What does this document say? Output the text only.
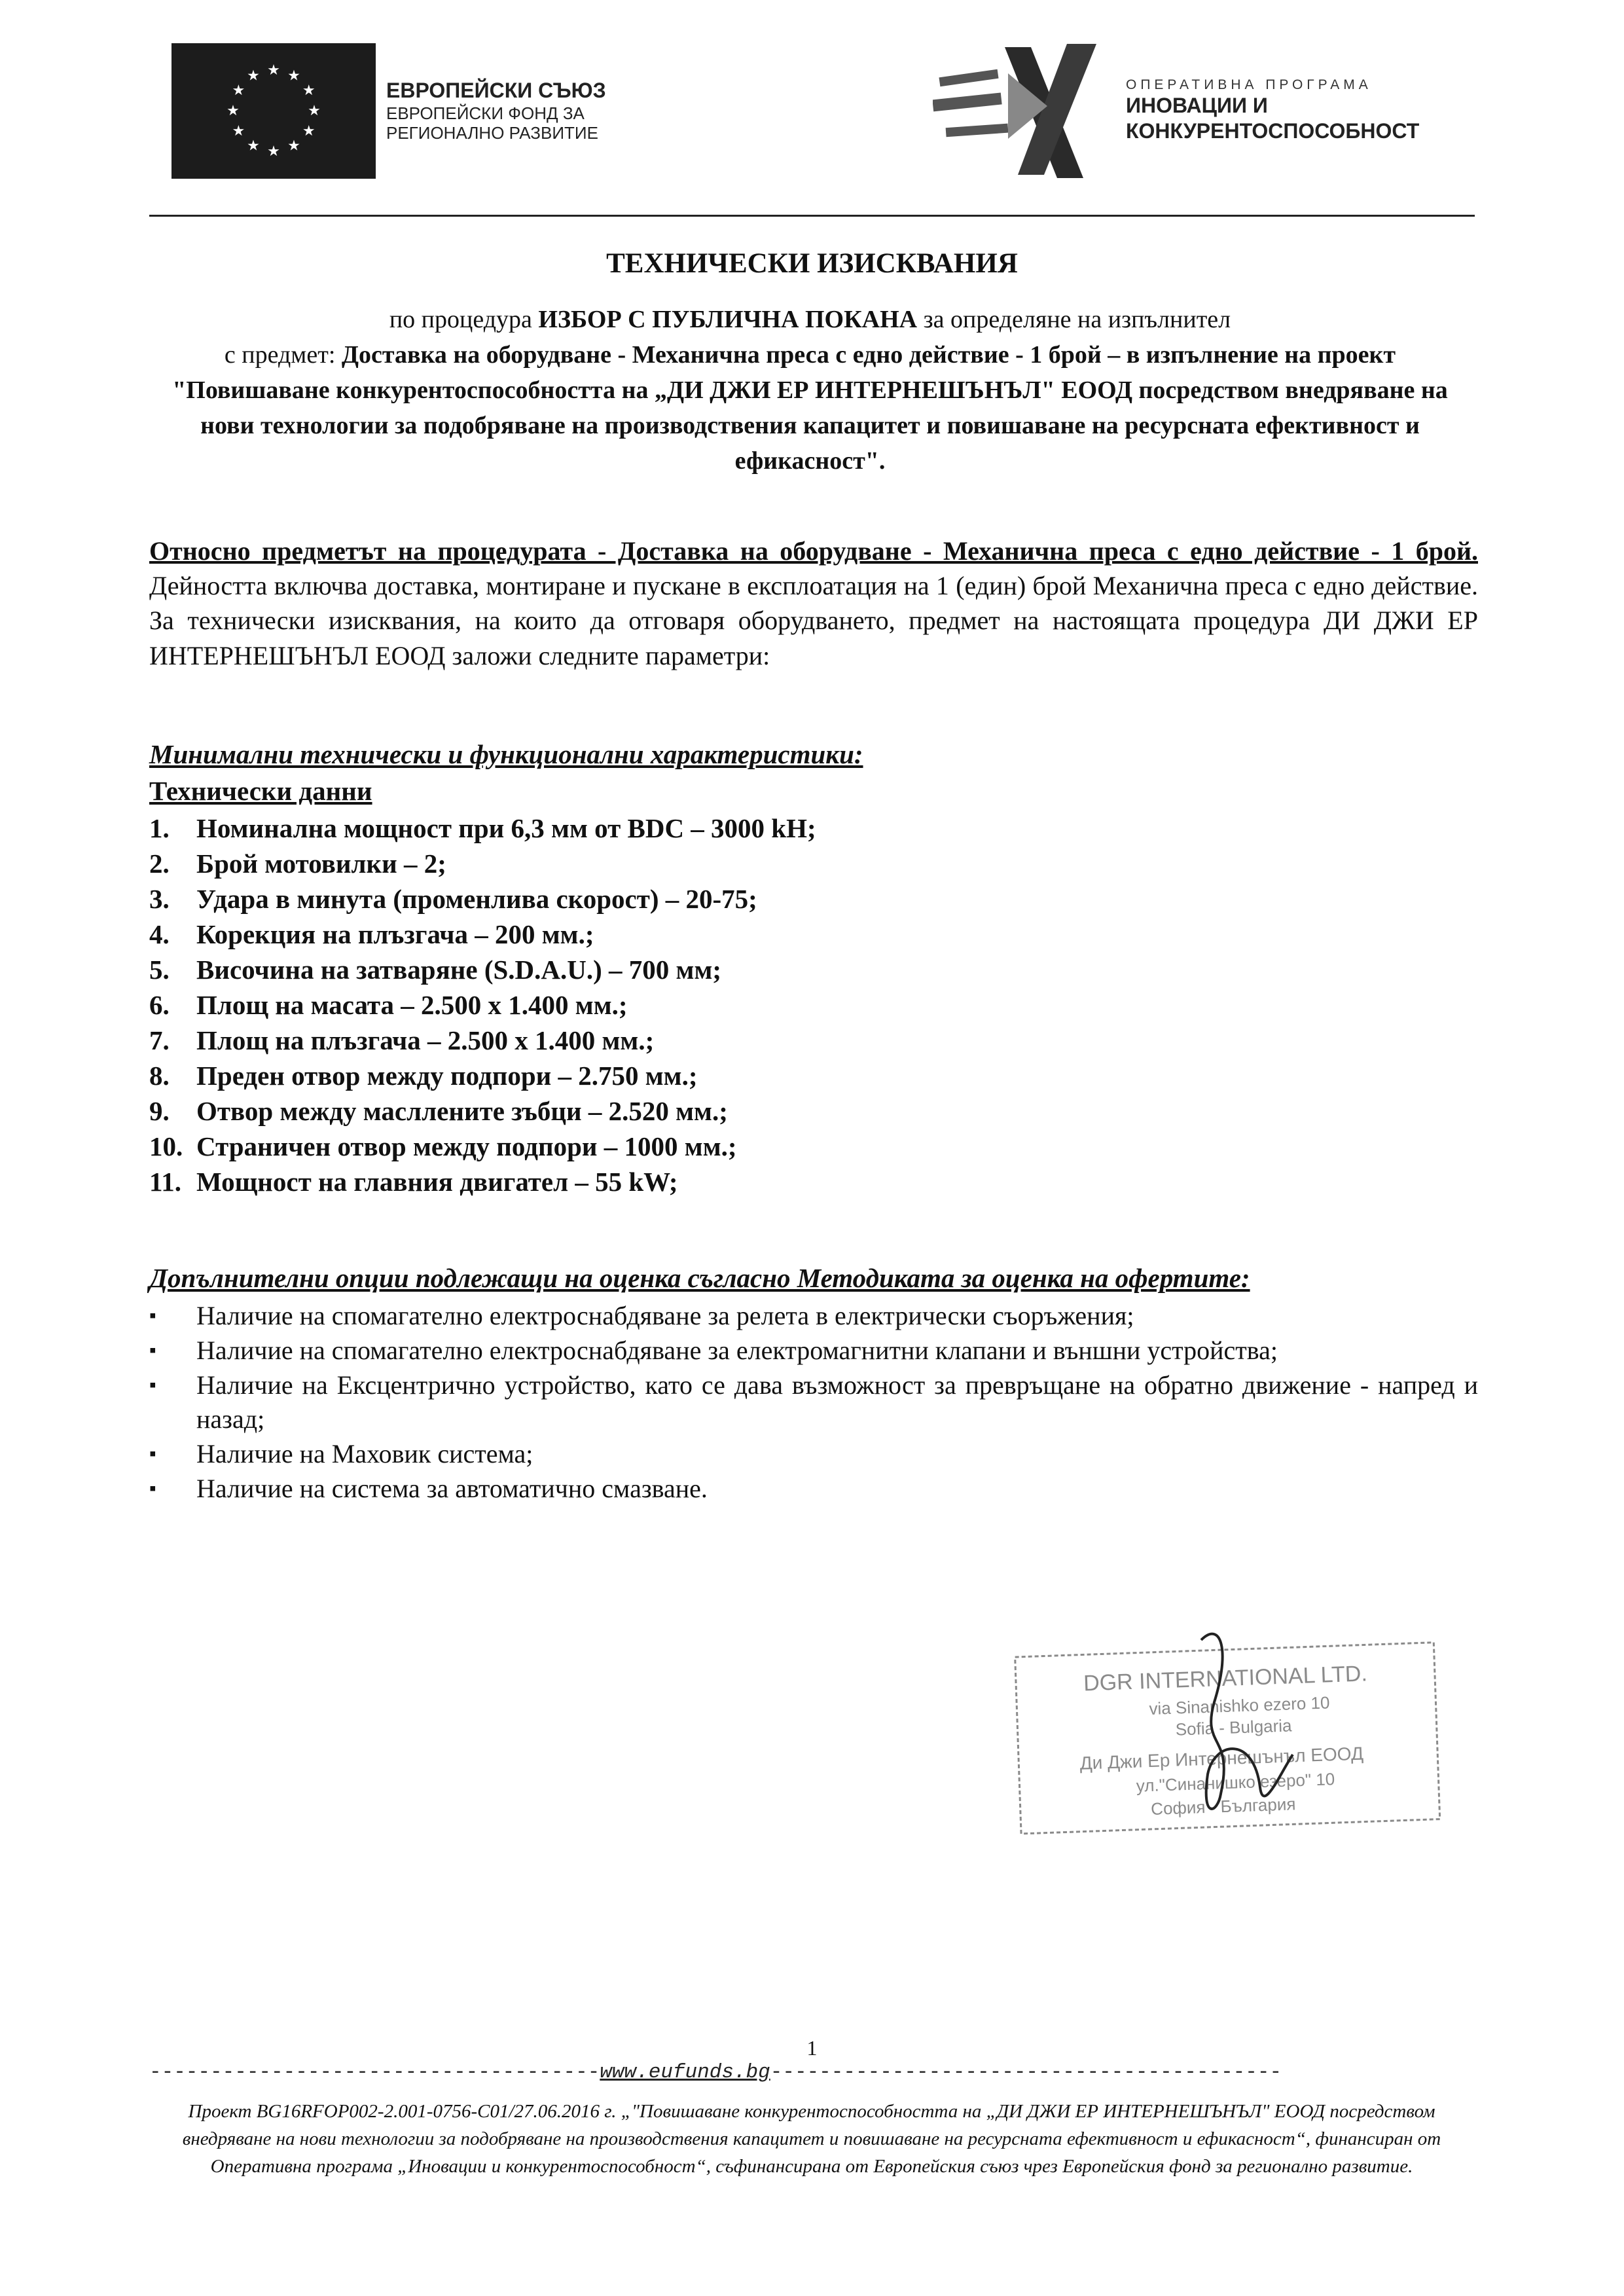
★ ★
★
★
★
★
★
★
★
★
★
★
ЕВРОПЕЙСКИ СЪЮЗ
ЕВРОПЕЙСКИ ФОНД ЗА
РЕГИОНАЛНО РАЗВИТИЕ
ОПЕРАТИВНА ПРОГРАМА
ИНОВАЦИИ И
КОНКУРЕНТОСПОСОБНОСТ
ТЕХНИЧЕСКИ ИЗИСКВАНИЯ
по процедура ИЗБОР С ПУБЛИЧНА ПОКАНА за определяне на изпълнител
с предмет: Доставка на оборудване - Механична преса с едно действие - 1 брой – в изпълнение на проект "Повишаване конкурентоспособността на „ДИ ДЖИ ЕР ИНТЕРНЕШЪНЪЛ" ЕООД посредством внедряване на нови технологии за подобряване на производствения капацитет и повишаване на ресурсната ефективност и ефикасност".
Относно предметът на процедурата - Доставка на оборудване - Механична преса с едно действие - 1 брой. Дейността включва доставка, монтиране и пускане в експлоатация на 1 (един) брой Механична преса с едно действие. За технически изисквания, на които да отговаря оборудването, предмет на настоящата процедура ДИ ДЖИ ЕР ИНТЕРНЕШЪНЪЛ ЕООД заложи следните параметри:
Минимални технически и функционални характеристики:
Технически данни
1.	Номинална мощност при 6,3 мм от BDC – 3000 kH;
2.	Брой мотовилки – 2;
3.	Удара в минута (променлива скорост) – 20-75;
4.	Корекция на плъзгача – 200 мм.;
5.	Височина на затваряне (S.D.A.U.) – 700 мм;
6.	Площ на масата – 2.500 х 1.400 мм.;
7.	Площ на плъзгача – 2.500 х 1.400 мм.;
8.	Преден отвор между подпори – 2.750 мм.;
9.	Отвор между масллените зъбци – 2.520 мм.;
10. Страничен отвор между подпори – 1000 мм.;
11. Мощност на главния двигател – 55 kW;
Допълнителни опции подлежащи на оценка съгласно Методиката за оценка на офертите:
▪	Наличие на спомагателно електроснабдяване за релета в електрически съоръжения;
▪	Наличие на спомагателно електроснабдяване за електромагнитни клапани и външни устройства;
▪	Наличие на Ексцентрично устройство, като се дава възможност за превръщане на обратно движение - напред и назад;
▪	Наличие на Маховик система;
▪	Наличие на система за автоматично смазване.
DGR INTERNATIONAL LTD.
via Sinanishko ezero 10
Sofia - Bulgaria
Ди Джи Ер Интернешънъл ЕООД
ул."Синанишко езеро" 10
София - България
1
-------------------------------------www.eufunds.bg------------------------------------------
Проект BG16RFOP002-2.001-0756-C01/27.06.2016 г. „"Повишаване конкурентоспособността на „ДИ ДЖИ ЕР ИНТЕРНЕШЪНЪЛ" ЕООД посредством внедряване на нови технологии за подобряване на производствения капацитет и повишаване на ресурсната ефективност и ефикасност“, финансиран от Оперативна програма „Иновации и конкурентоспособност“, съфинансирана от Европейския съюз чрез Европейския фонд за регионално развитие.
